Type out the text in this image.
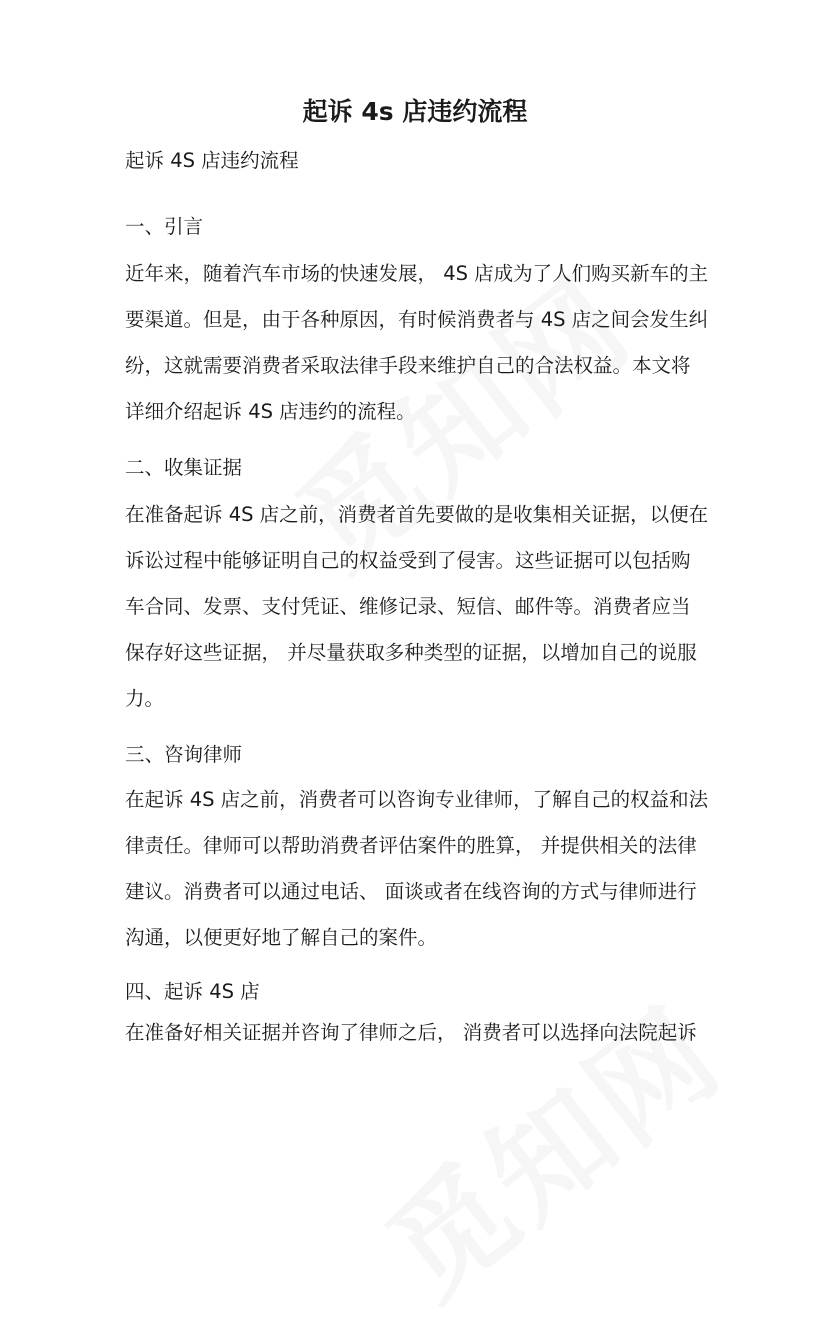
起诉 4s 店违约流程

起诉 4S 店违约流程

一、引言

近年来，随着汽车市场的快速发展， 4S 店成为了人们购买新车的主

要渠道。但是，由于各种原因，有时候消费者与 4S 店之间会发生纠

纷，这就需要消费者采取法律手段来维护自己的合法权益。本文将

详细介绍起诉 4S 店违约的流程。

二、收集证据

在准备起诉 4S 店之前，消费者首先要做的是收集相关证据，以便在

诉讼过程中能够证明自己的权益受到了侵害。这些证据可以包括购

车合同、发票、支付凭证、维修记录、短信、邮件等。消费者应当

保存好这些证据， 并尽量获取多种类型的证据，以增加自己的说服

力。

三、咨询律师

在起诉 4S 店之前，消费者可以咨询专业律师，了解自己的权益和法

律责任。律师可以帮助消费者评估案件的胜算， 并提供相关的法律

建议。消费者可以通过电话、 面谈或者在线咨询的方式与律师进行

沟通，以便更好地了解自己的案件。

四、起诉 4S 店

在准备好相关证据并咨询了律师之后， 消费者可以选择向法院起诉
